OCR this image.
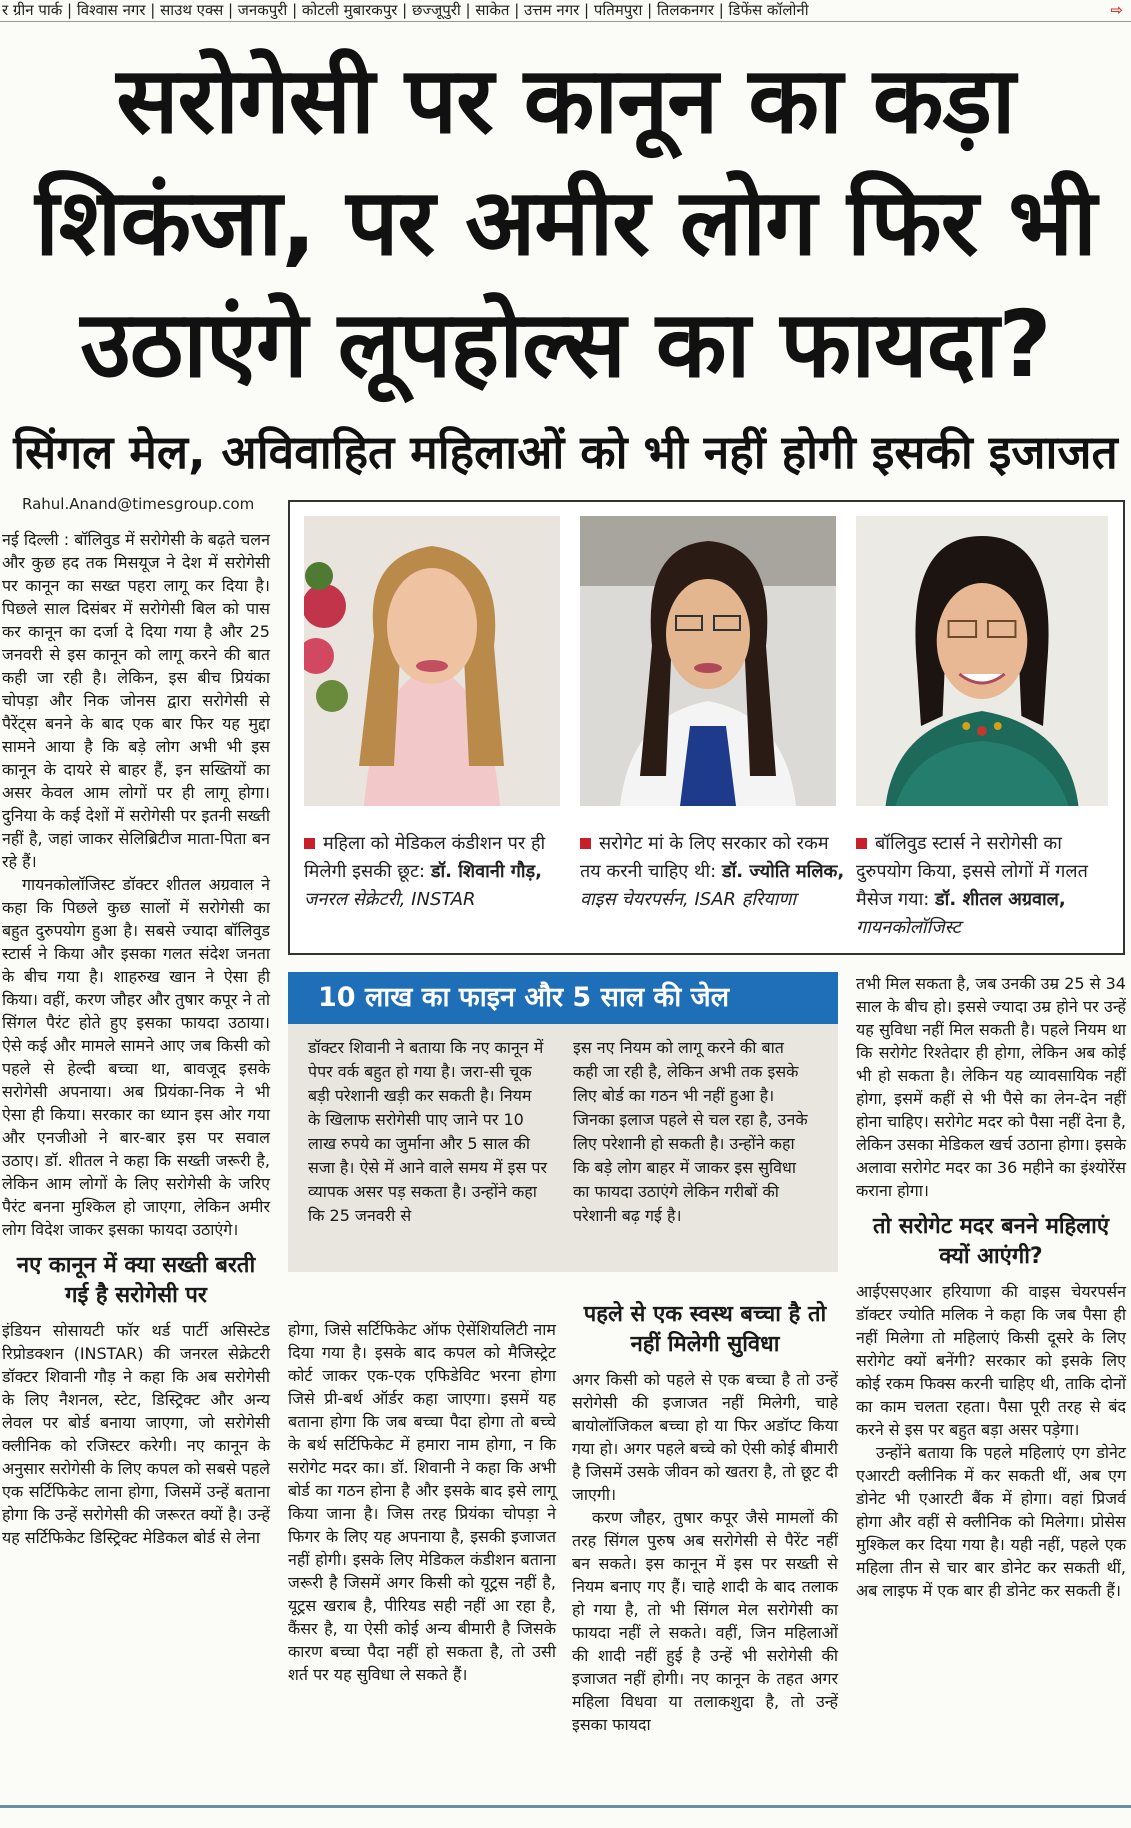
र ग्रीन पार्क | विश्वास नगर | साउथ एक्स | जनकपुरी | कोटली मुबारकपुर | छज्जूपुरी | साकेत | उत्तम नगर | पतिमपुरा | तिलकनगर | डिफेंस कॉलोनी	⇨
सरोगेसी पर कानून का कड़ा
शिकंजा, पर अमीर लोग फिर भी
उठाएंगे लूपहोल्स का फायदा?
सिंगल मेल, अविवाहित महिलाओं को भी नहीं होगी इसकी इजाजत
Rahul.Anand@timesgroup.com

नई दिल्ली : बॉलिवुड में सरोगेसी के बढ़ते चलन और कुछ हद तक मिसयूज ने देश में सरोगेसी पर कानून का सख्त पहरा लागू कर दिया है। पिछले साल दिसंबर में सरोगेसी बिल को पास कर कानून का दर्जा दे दिया गया है और 25 जनवरी से इस कानून को लागू करने की बात कही जा रही है। लेकिन, इस बीच प्रियंका चोपड़ा और निक जोनस द्वारा सरोगेसी से पैरेंट्स बनने के बाद एक बार फिर यह मुद्दा सामने आया है कि बड़े लोग अभी भी इस कानून के दायरे से बाहर हैं, इन सख्तियों का असर केवल आम लोगों पर ही लागू होगा। दुनिया के कई देशों में सरोगेसी पर इतनी सख्ती नहीं है, जहां जाकर सेलिब्रिटीज माता-पिता बन रहे हैं।

गायनकोलॉजिस्ट डॉक्टर शीतल अग्रवाल ने कहा कि पिछले कुछ सालों में सरोगेसी का बहुत दुरुपयोग हुआ है। सबसे ज्यादा बॉलिवुड स्टार्स ने किया और इसका गलत संदेश जनता के बीच गया है। शाहरुख खान ने ऐसा ही किया। वहीं, करण जौहर और तुषार कपूर ने तो सिंगल पैरंट होते हुए इसका फायदा उठाया। ऐसे कई और मामले सामने आए जब किसी को पहले से हेल्दी बच्चा था, बावजूद इसके सरोगेसी अपनाया। अब प्रियंका-निक ने भी ऐसा ही किया। सरकार का ध्यान इस ओर गया और एनजीओ ने बार-बार इस पर सवाल उठाए। डॉ. शीतल ने कहा कि सख्ती जरूरी है, लेकिन आम लोगों के लिए सरोगेसी के जरिए पैरंट बनना मुश्किल हो जाएगा, लेकिन अमीर लोग विदेश जाकर इसका फायदा उठाएंगे।

नए कानून में क्या सख्ती बरती गई है सरोगेसी पर

इंडियन सोसायटी फॉर थर्ड पार्टी असिस्टेड रिप्रोडक्शन (INSTAR) की जनरल सेक्रेटरी डॉक्टर शिवानी गौड़ ने कहा कि अब सरोगेसी के लिए नैशनल, स्टेट, डिस्ट्रिक्ट और अन्य लेवल पर बोर्ड बनाया जाएगा, जो सरोगेसी क्लीनिक को रजिस्टर करेगी। नए कानून के अनुसार सरोगेसी के लिए कपल को सबसे पहले एक सर्टिफिकेट लाना होगा, जिसमें उन्हें बताना होगा कि उन्हें सरोगेसी की जरूरत क्यों है। उन्हें यह सर्टिफिकेट डिस्ट्रिक्ट मेडिकल बोर्ड से लेना

महिला को मेडिकल कंडीशन पर ही मिलेगी इसकी छूट: डॉ. शिवानी गौड़, जनरल सेक्रेटरी, INSTAR
सरोगेट मां के लिए सरकार को रकम तय करनी चाहिए थी: डॉ. ज्योति मलिक, वाइस चेयरपर्सन, ISAR हरियाणा
बॉलिवुड स्टार्स ने सरोगेसी का दुरुपयोग किया, इससे लोगों में गलत मैसेज गया: डॉ. शीतल अग्रवाल, गायनकोलॉजिस्ट
10 लाख का फाइन और 5 साल की जेल
डॉक्टर शिवानी ने बताया कि नए कानून में पेपर वर्क बहुत हो गया है। जरा-सी चूक बड़ी परेशानी खड़ी कर सकती है। नियम के खिलाफ सरोगेसी पाए जाने पर 10 लाख रुपये का जुर्माना और 5 साल की सजा है। ऐसे में आने वाले समय में इस पर व्यापक असर पड़ सकता है। उन्होंने कहा कि 25 जनवरी से
इस नए नियम को लागू करने की बात कही जा रही है, लेकिन अभी तक इसके लिए बोर्ड का गठन भी नहीं हुआ है। जिनका इलाज पहले से चल रहा है, उनके लिए परेशानी हो सकती है। उन्होंने कहा कि बड़े लोग बाहर में जाकर इस सुविधा का फायदा उठाएंगे लेकिन गरीबों की परेशानी बढ़ गई है।

होगा, जिसे सर्टिफिकेट ऑफ ऐसेंशियलिटी नाम दिया गया है। इसके बाद कपल को मैजिस्ट्रेट कोर्ट जाकर एक-एक एफिडेविट भरना होगा जिसे प्री-बर्थ ऑर्डर कहा जाएगा। इसमें यह बताना होगा कि जब बच्चा पैदा होगा तो बच्चे के बर्थ सर्टिफिकेट में हमारा नाम होगा, न कि सरोगेट मदर का। डॉ. शिवानी ने कहा कि अभी बोर्ड का गठन होना है और इसके बाद इसे लागू किया जाना है। जिस तरह प्रियंका चोपड़ा ने फिगर के लिए यह अपनाया है, इसकी इजाजत नहीं होगी। इसके लिए मेडिकल कंडीशन बताना जरूरी है जिसमें अगर किसी को यूट्रस नहीं है, यूट्रस खराब है, पीरियड सही नहीं आ रहा है, कैंसर है, या ऐसी कोई अन्य बीमारी है जिसके कारण बच्चा पैदा नहीं हो सकता है, तो उसी शर्त पर यह सुविधा ले सकते हैं।

पहले से एक स्वस्थ बच्चा है तो नहीं मिलेगी सुविधा

अगर किसी को पहले से एक बच्चा है तो उन्हें सरोगेसी की इजाजत नहीं मिलेगी, चाहे बायोलॉजिकल बच्चा हो या फिर अडॉप्ट किया गया हो। अगर पहले बच्चे को ऐसी कोई बीमारी है जिसमें उसके जीवन को खतरा है, तो छूट दी जाएगी।

करण जौहर, तुषार कपूर जैसे मामलों की तरह सिंगल पुरुष अब सरोगेसी से पैरेंट नहीं बन सकते। इस कानून में इस पर सख्ती से नियम बनाए गए हैं। चाहे शादी के बाद तलाक हो गया है, तो भी सिंगल मेल सरोगेसी का फायदा नहीं ले सकते। वहीं, जिन महिलाओं की शादी नहीं हुई है उन्हें भी सरोगेसी की इजाजत नहीं होगी। नए कानून के तहत अगर महिला विधवा या तलाकशुदा है, तो उन्हें इसका फायदा

तभी मिल सकता है, जब उनकी उम्र 25 से 34 साल के बीच हो। इससे ज्यादा उम्र होने पर उन्हें यह सुविधा नहीं मिल सकती है। पहले नियम था कि सरोगेट रिश्तेदार ही होगा, लेकिन अब कोई भी हो सकता है। लेकिन यह व्यावसायिक नहीं होगा, इसमें कहीं से भी पैसे का लेन-देन नहीं होना चाहिए। सरोगेट मदर को पैसा नहीं देना है, लेकिन उसका मेडिकल खर्च उठाना होगा। इसके अलावा सरोगेट मदर का 36 महीने का इंश्योरेंस कराना होगा।

तो सरोगेट मदर बनने महिलाएं क्यों आएंगी?

आईएसएआर हरियाणा की वाइस चेयरपर्सन डॉक्टर ज्योति मलिक ने कहा कि जब पैसा ही नहीं मिलेगा तो महिलाएं किसी दूसरे के लिए सरोगेट क्यों बनेंगी? सरकार को इसके लिए कोई रकम फिक्स करनी चाहिए थी, ताकि दोनों का काम चलता रहता। पैसा पूरी तरह से बंद करने से इस पर बहुत बड़ा असर पड़ेगा।

उन्होंने बताया कि पहले महिलाएं एग डोनेट एआरटी क्लीनिक में कर सकती थीं, अब एग डोनेट भी एआरटी बैंक में होगा। वहां प्रिजर्व होगा और वहीं से क्लीनिक को मिलेगा। प्रोसेस मुश्किल कर दिया गया है। यही नहीं, पहले एक महिला तीन से चार बार डोनेट कर सकती थीं, अब लाइफ में एक बार ही डोनेट कर सकती हैं।
